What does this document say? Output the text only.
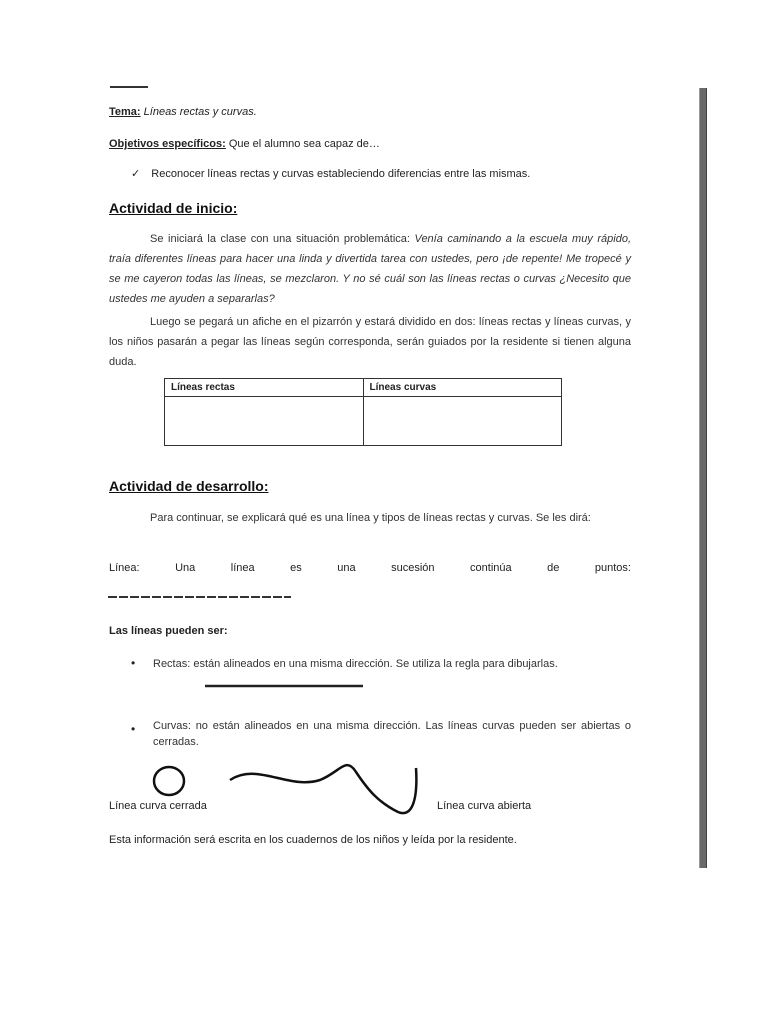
Tema: Líneas rectas y curvas.
Objetivos específicos: Que el alumno sea capaz de…
✓ Reconocer líneas rectas y curvas estableciendo diferencias entre las mismas.
Actividad de inicio:
Se iniciará la clase con una situación problemática: Venía caminando a la escuela muy rápido, traía diferentes líneas para hacer una linda y divertida tarea con ustedes, pero ¡de repente! Me tropecé y se me cayeron todas las líneas, se mezclaron. Y no sé cuál son las líneas rectas o curvas ¿Necesito que ustedes me ayuden a separarlas?
Luego se pegará un afiche en el pizarrón y estará dividido en dos: líneas rectas y líneas curvas, y los niños pasarán a pegar las líneas según corresponda, serán guiados por la residente si tienen alguna duda.
Líneas rectas	Líneas curvas

Actividad de desarrollo:
Para continuar, se explicará qué es una línea y tipos de líneas rectas y curvas. Se les dirá:
Línea:	Una	línea	es	una	sucesión	continúa	de	puntos:
Las líneas pueden ser:
• Rectas: están alineados en una misma dirección. Se utiliza la regla para dibujarlas.
• Curvas: no están alineados en una misma dirección. Las líneas curvas pueden ser abiertas o cerradas.
Línea curva cerrada	Línea curva abierta
Esta información será escrita en los cuadernos de los niños y leída por la residente.
